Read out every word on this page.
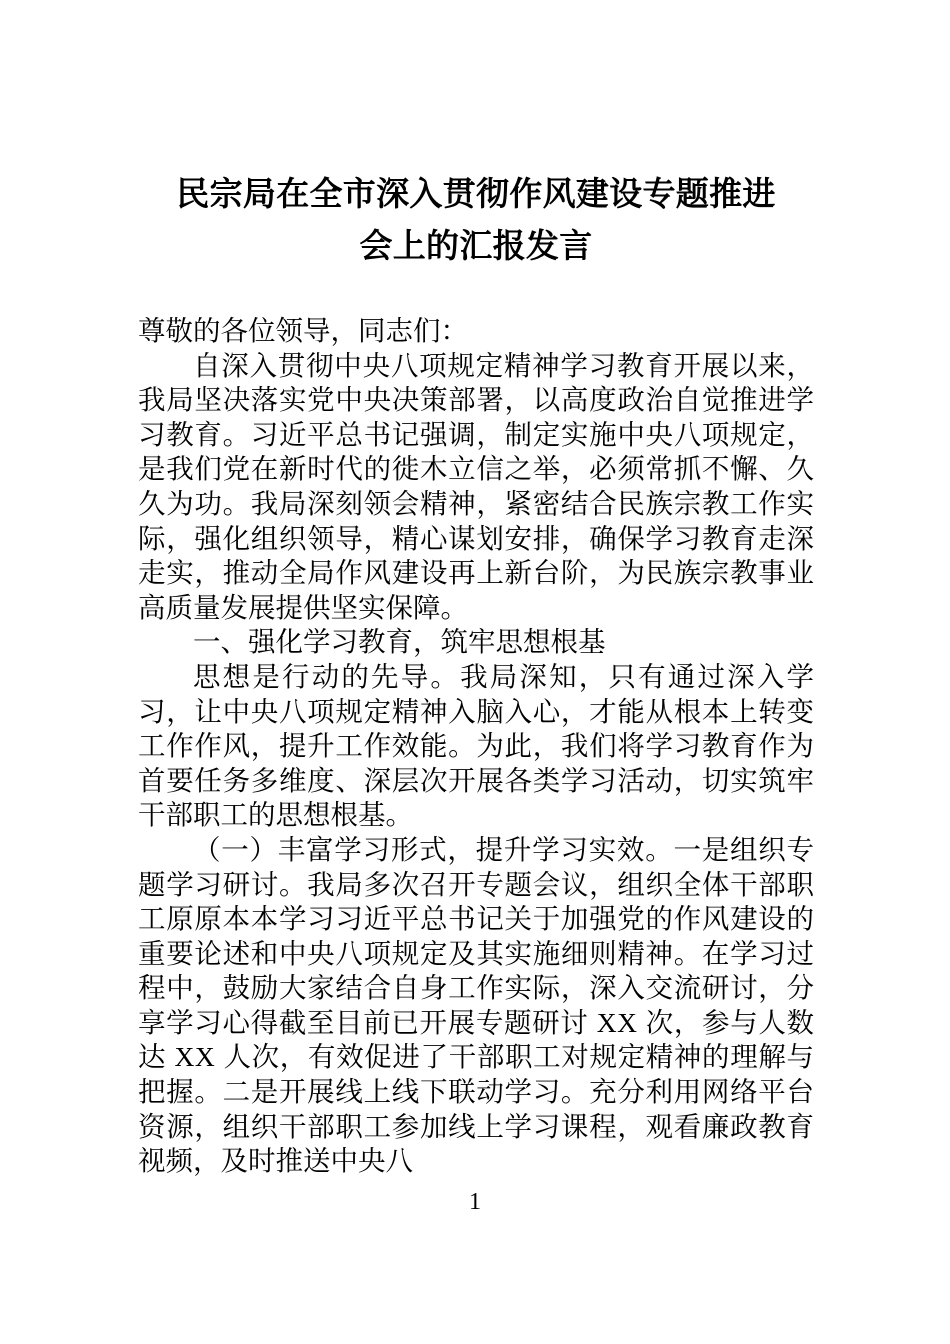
民宗局在全市深入贯彻作风建设专题推进
会上的汇报发言

尊敬的各位领导，同志们：

自深入贯彻中央八项规定精神学习教育开展以来，我局坚决落实党中央决策部署，以高度政治自觉推进学习教育。习近平总书记强调，制定实施中央八项规定，是我们党在新时代的徙木立信之举，必须常抓不懈、久久为功。我局深刻领会精神，紧密结合民族宗教工作实际，强化组织领导，精心谋划安排，确保学习教育走深走实，推动全局作风建设再上新台阶，为民族宗教事业高质量发展提供坚实保障。

一、强化学习教育，筑牢思想根基

思想是行动的先导。我局深知，只有通过深入学习，让中央八项规定精神入脑入心，才能从根本上转变工作作风，提升工作效能。为此，我们将学习教育作为首要任务多维度、深层次开展各类学习活动，切实筑牢干部职工的思想根基。

（一）丰富学习形式，提升学习实效。一是组织专题学习研讨。我局多次召开专题会议，组织全体干部职工原原本本学习习近平总书记关于加强党的作风建设的重要论述和中央八项规定及其实施细则精神。在学习过程中，鼓励大家结合自身工作实际，深入交流研讨，分享学习心得截至目前已开展专题研讨 XX 次，参与人数达 XX 人次，有效促进了干部职工对规定精神的理解与把握。二是开展线上线下联动学习。充分利用网络平台资源，组织干部职工参加线上学习课程，观看廉政教育视频，及时推送中央八

1
